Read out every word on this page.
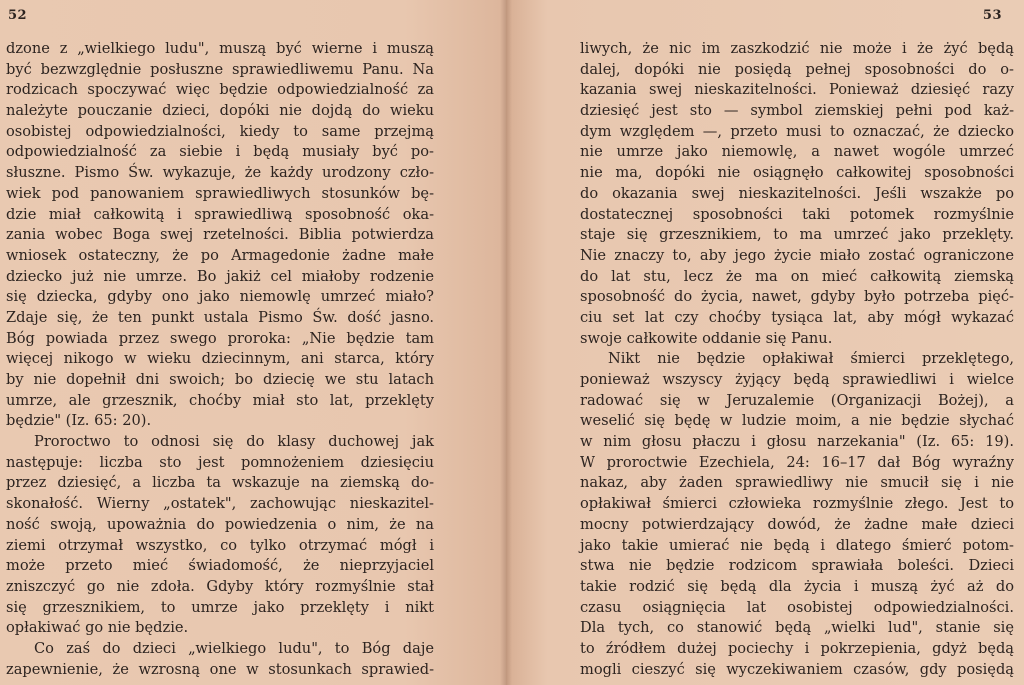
52
dzone z „wielkiego ludu", muszą być wierne i muszą
być bezwzględnie posłuszne sprawiedliwemu Panu. Na
rodzicach spoczywać więc będzie odpowiedzialność za
należyte pouczanie dzieci, dopóki nie dojdą do wieku
osobistej odpowiedzialności, kiedy to same przejmą
odpowiedzialność za siebie i będą musiały być po-
słuszne. Pismo Św. wykazuje, że każdy urodzony czło-
wiek pod panowaniem sprawiedliwych stosunków bę-
dzie miał całkowitą i sprawiedliwą sposobność oka-
zania wobec Boga swej rzetelności. Biblia potwierdza
wniosek ostateczny, że po Armagedonie żadne małe
dziecko już nie umrze. Bo jakiż cel miałoby rodzenie
się dziecka, gdyby ono jako niemowlę umrzeć miało?
Zdaje się, że ten punkt ustala Pismo Św. dość jasno.
Bóg powiada przez swego proroka: „Nie będzie tam
więcej nikogo w wieku dziecinnym, ani starca, który
by nie dopełnił dni swoich; bo dziecię we stu latach
umrze, ale grzesznik, choćby miał sto lat, przeklęty
będzie" (Iz. 65: 20).
Proroctwo to odnosi się do klasy duchowej jak
następuje: liczba sto jest pomnożeniem dziesięciu
przez dziesięć, a liczba ta wskazuje na ziemską do-
skonałość. Wierny „ostatek", zachowując nieskazitel-
ność swoją, upoważnia do powiedzenia o nim, że na
ziemi otrzymał wszystko, co tylko otrzymać mógł i
może przeto mieć świadomość, że nieprzyjaciel
zniszczyć go nie zdoła. Gdyby który rozmyślnie stał
się grzesznikiem, to umrze jako przeklęty i nikt
opłakiwać go nie będzie.
Co zaś do dzieci „wielkiego ludu", to Bóg daje
zapewnienie, że wzrosną one w stosunkach sprawied-
53
liwych, że nic im zaszkodzić nie może i że żyć będą
dalej, dopóki nie posiędą pełnej sposobności do o-
kazania swej nieskazitelności. Ponieważ dziesięć razy
dziesięć jest sto — symbol ziemskiej pełni pod każ-
dym względem —, przeto musi to oznaczać, że dziecko
nie umrze jako niemowlę, a nawet wogóle umrzeć
nie ma, dopóki nie osiągnęło całkowitej sposobności
do okazania swej nieskazitelności. Jeśli wszakże po
dostatecznej sposobności taki potomek rozmyślnie
staje się grzesznikiem, to ma umrzeć jako przeklęty.
Nie znaczy to, aby jego życie miało zostać ograniczone
do lat stu, lecz że ma on mieć całkowitą ziemską
sposobność do życia, nawet, gdyby było potrzeba pięć-
ciu set lat czy choćby tysiąca lat, aby mógł wykazać
swoje całkowite oddanie się Panu.
Nikt nie będzie opłakiwał śmierci przeklętego,
ponieważ wszyscy żyjący będą sprawiedliwi i wielce
radować się w Jeruzalemie (Organizacji Bożej), a
weselić się będę w ludzie moim, a nie będzie słychać
w nim głosu płaczu i głosu narzekania" (Iz. 65: 19).
W proroctwie Ezechiela, 24: 16–17 dał Bóg wyraźny
nakaz, aby żaden sprawiedliwy nie smucił się i nie
opłakiwał śmierci człowieka rozmyślnie złego. Jest to
mocny potwierdzający dowód, że żadne małe dzieci
jako takie umierać nie będą i dlatego śmierć potom-
stwa nie będzie rodzicom sprawiała boleści. Dzieci
takie rodzić się będą dla życia i muszą żyć aż do
czasu osiągnięcia lat osobistej odpowiedzialności.
Dla tych, co stanowić będą „wielki lud", stanie się
to źródłem dużej pociechy i pokrzepienia, gdyż będą
mogli cieszyć się wyczekiwaniem czasów, gdy posiędą
